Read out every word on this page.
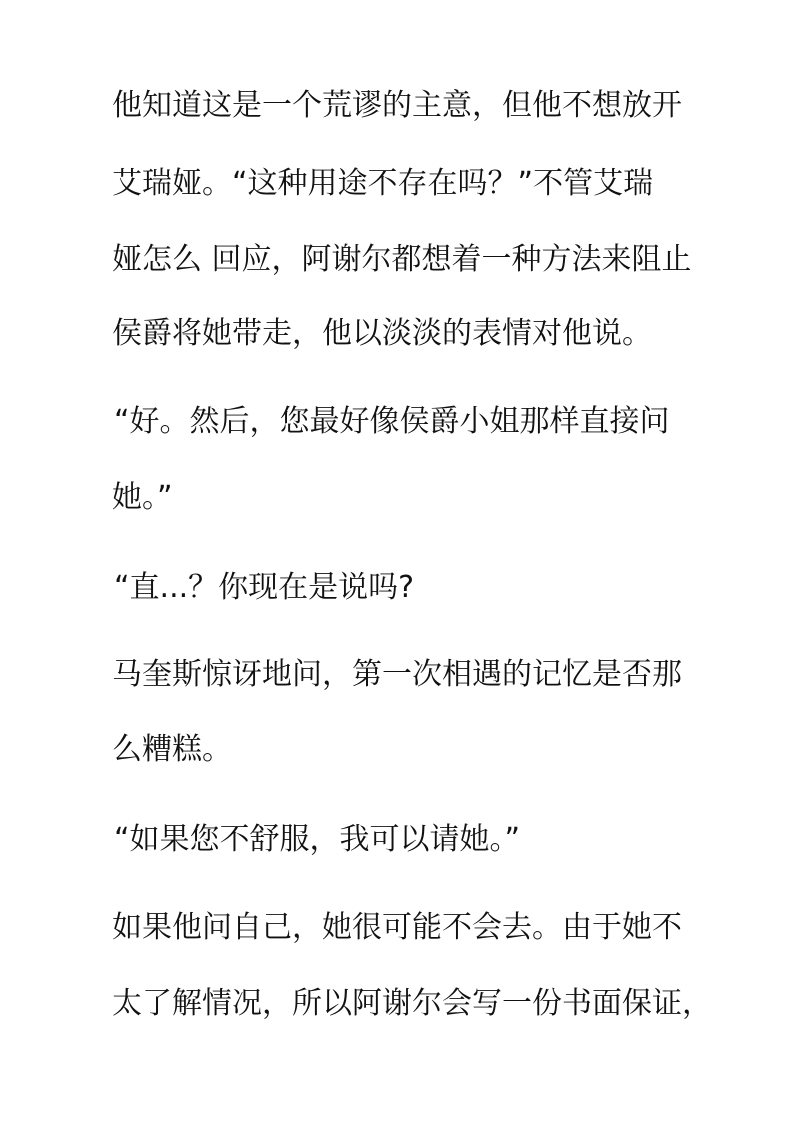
他知道这是一个荒谬的主意，但他不想放开
艾瑞娅。“这种用途不存在吗？”不管艾瑞
娅怎么 回应，阿谢尔都想着一种方法来阻止
侯爵将她带走，他以淡淡的表情对他说。
“好。然后，您最好像侯爵小姐那样直接问
她。”
“直...？你现在是说吗?
马奎斯惊讶地问，第一次相遇的记忆是否那
么糟糕。
“如果您不舒服，我可以请她。”
如果他问自己，她很可能不会去。由于她不
太了解情况，所以阿谢尔会写一份书面保证，
